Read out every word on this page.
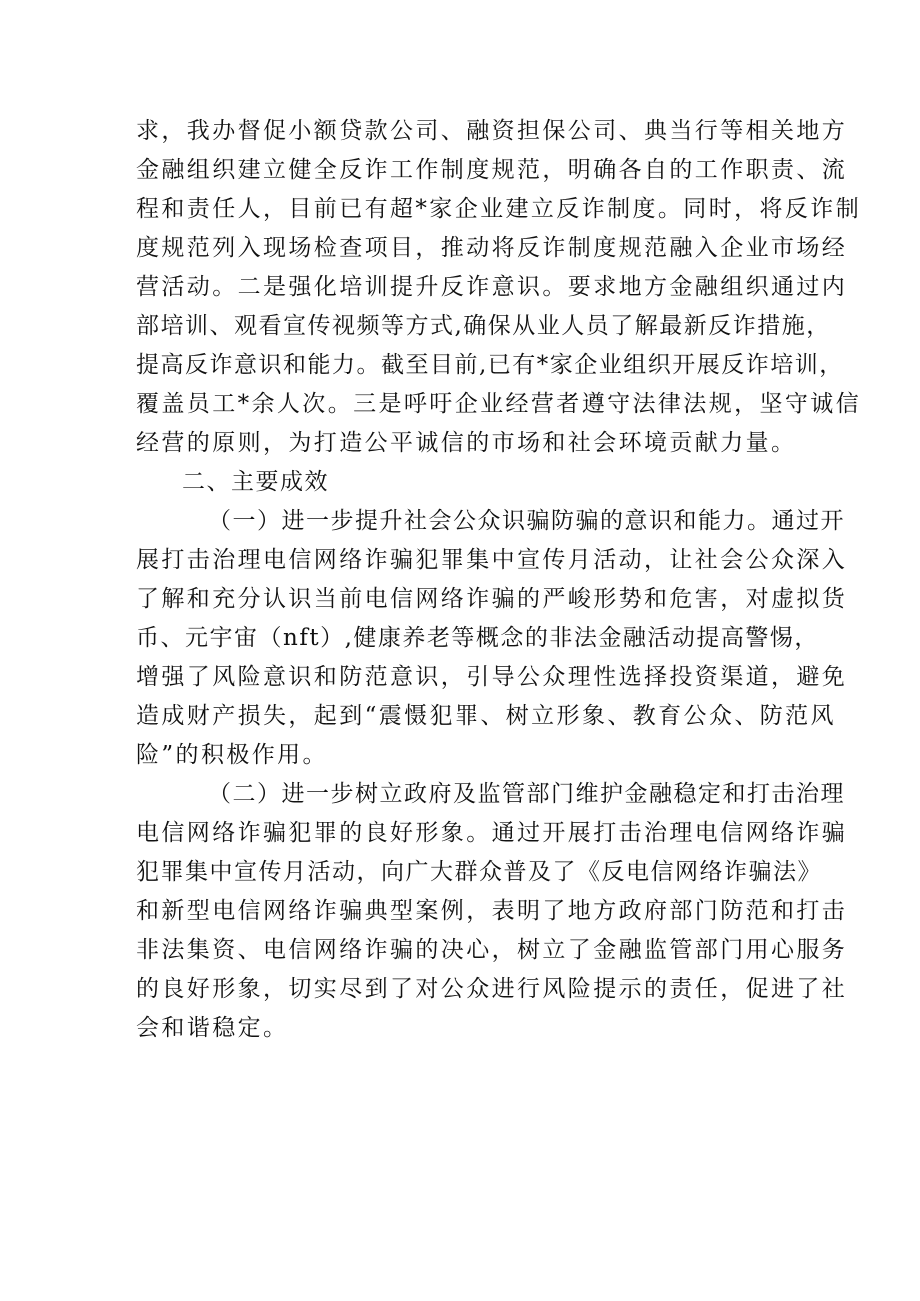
求，我办督促小额贷款公司、融资担保公司、典当行等相关地方
金融组织建立健全反诈工作制度规范，明确各自的工作职责、流
程和责任人，目前已有超*家企业建立反诈制度。同时，将反诈制
度规范列入现场检查项目，推动将反诈制度规范融入企业市场经
营活动。二是强化培训提升反诈意识。要求地方金融组织通过内
部培训、观看宣传视频等方式,确保从业人员了解最新反诈措施，
提高反诈意识和能力。截至目前,已有*家企业组织开展反诈培训，
覆盖员工*余人次。三是呼吁企业经营者遵守法律法规，坚守诚信
经营的原则，为打造公平诚信的市场和社会环境贡献力量。
二、主要成效
（一）进一步提升社会公众识骗防骗的意识和能力。通过开
展打击治理电信网络诈骗犯罪集中宣传月活动，让社会公众深入
了解和充分认识当前电信网络诈骗的严峻形势和危害，对虚拟货
币、元宇宙（nft）,健康养老等概念的非法金融活动提高警惕，
增强了风险意识和防范意识，引导公众理性选择投资渠道，避免
造成财产损失，起到“震慑犯罪、树立形象、教育公众、防范风
险”的积极作用。
（二）进一步树立政府及监管部门维护金融稳定和打击治理
电信网络诈骗犯罪的良好形象。通过开展打击治理电信网络诈骗
犯罪集中宣传月活动，向广大群众普及了《反电信网络诈骗法》
和新型电信网络诈骗典型案例，表明了地方政府部门防范和打击
非法集资、电信网络诈骗的决心，树立了金融监管部门用心服务
的良好形象，切实尽到了对公众进行风险提示的责任，促进了社
会和谐稳定。
